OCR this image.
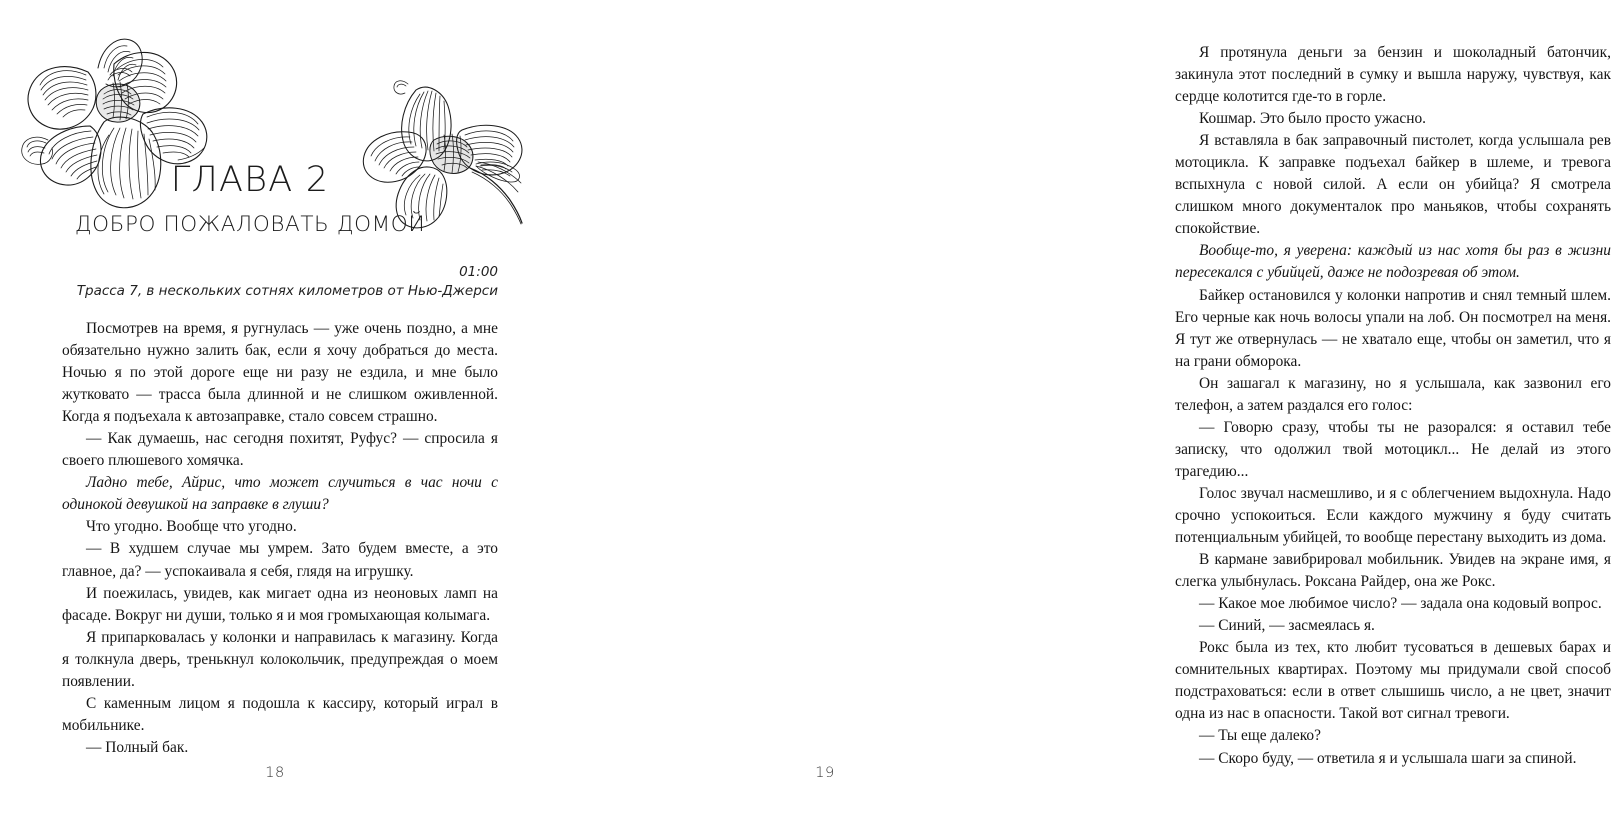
ГЛАВА 2
ДОБРО ПОЖАЛОВАТЬ ДОМОЙ
01:00
Трасса 7, в нескольких сотнях километров от Нью-Джерси

Посмотрев на время, я ругнулась — уже очень поздно, а мне обязательно нужно залить бак, если я хочу добраться до места. Ночью я по этой дороге еще ни разу не ездила, и мне было жутковато — трасса была длинной и не слишком оживленной. Когда я подъехала к автозаправке, стало совсем страшно.

— Как думаешь, нас сегодня похитят, Руфус? — спросила я своего плюшевого хомячка.

Ладно тебе, Айрис, что может случиться в час ночи с одинокой девушкой на заправке в глуши?

Что угодно. Вообще что угодно.

— В худшем случае мы умрем. Зато будем вместе, а это главное, да? — успокаивала я себя, глядя на игрушку.

И поежилась, увидев, как мигает одна из неоновых ламп на фасаде. Вокруг ни души, только я и моя громыхающая колымага.

Я припарковалась у колонки и направилась к магазину. Когда я толкнула дверь, тренькнул колокольчик, предупреждая о моем появлении.

С каменным лицом я подошла к кассиру, который играл в мобильнике.

— Полный бак.

18

Я протянула деньги за бензин и шоколадный батончик, закинула этот последний в сумку и вышла наружу, чувствуя, как сердце колотится где-то в горле.

Кошмар. Это было просто ужасно.

Я вставляла в бак заправочный пистолет, когда услышала рев мотоцикла. К заправке подъехал байкер в шлеме, и тревога вспыхнула с новой силой. А если он убийца? Я смотрела слишком много документалок про маньяков, чтобы сохранять спокойствие.

Вообще-то, я уверена: каждый из нас хотя бы раз в жизни пересекался с убийцей, даже не подозревая об этом.

Байкер остановился у колонки напротив и снял темный шлем. Его черные как ночь волосы упали на лоб. Он посмотрел на меня. Я тут же отвернулась — не хватало еще, чтобы он заметил, что я на грани обморока.

Он зашагал к магазину, но я услышала, как зазвонил его телефон, а затем раздался его голос:

— Говорю сразу, чтобы ты не разорался: я оставил тебе записку, что одолжил твой мотоцикл... Не делай из этого трагедию...

Голос звучал насмешливо, и я с облегчением выдохнула. Надо срочно успокоиться. Если каждого мужчину я буду считать потенциальным убийцей, то вообще перестану выходить из дома.

В кармане завибрировал мобильник. Увидев на экране имя, я слегка улыбнулась. Роксана Райдер, она же Рокс.

— Какое мое любимое число? — задала она кодовый вопрос.

— Синий, — засмеялась я.

Рокс была из тех, кто любит тусоваться в дешевых барах и сомнительных квартирах. Поэтому мы придумали свой способ подстраховаться: если в ответ слышишь число, а не цвет, значит одна из нас в опасности. Такой вот сигнал тревоги.

— Ты еще далеко?

— Скоро буду, — ответила я и услышала шаги за спиной.

19
